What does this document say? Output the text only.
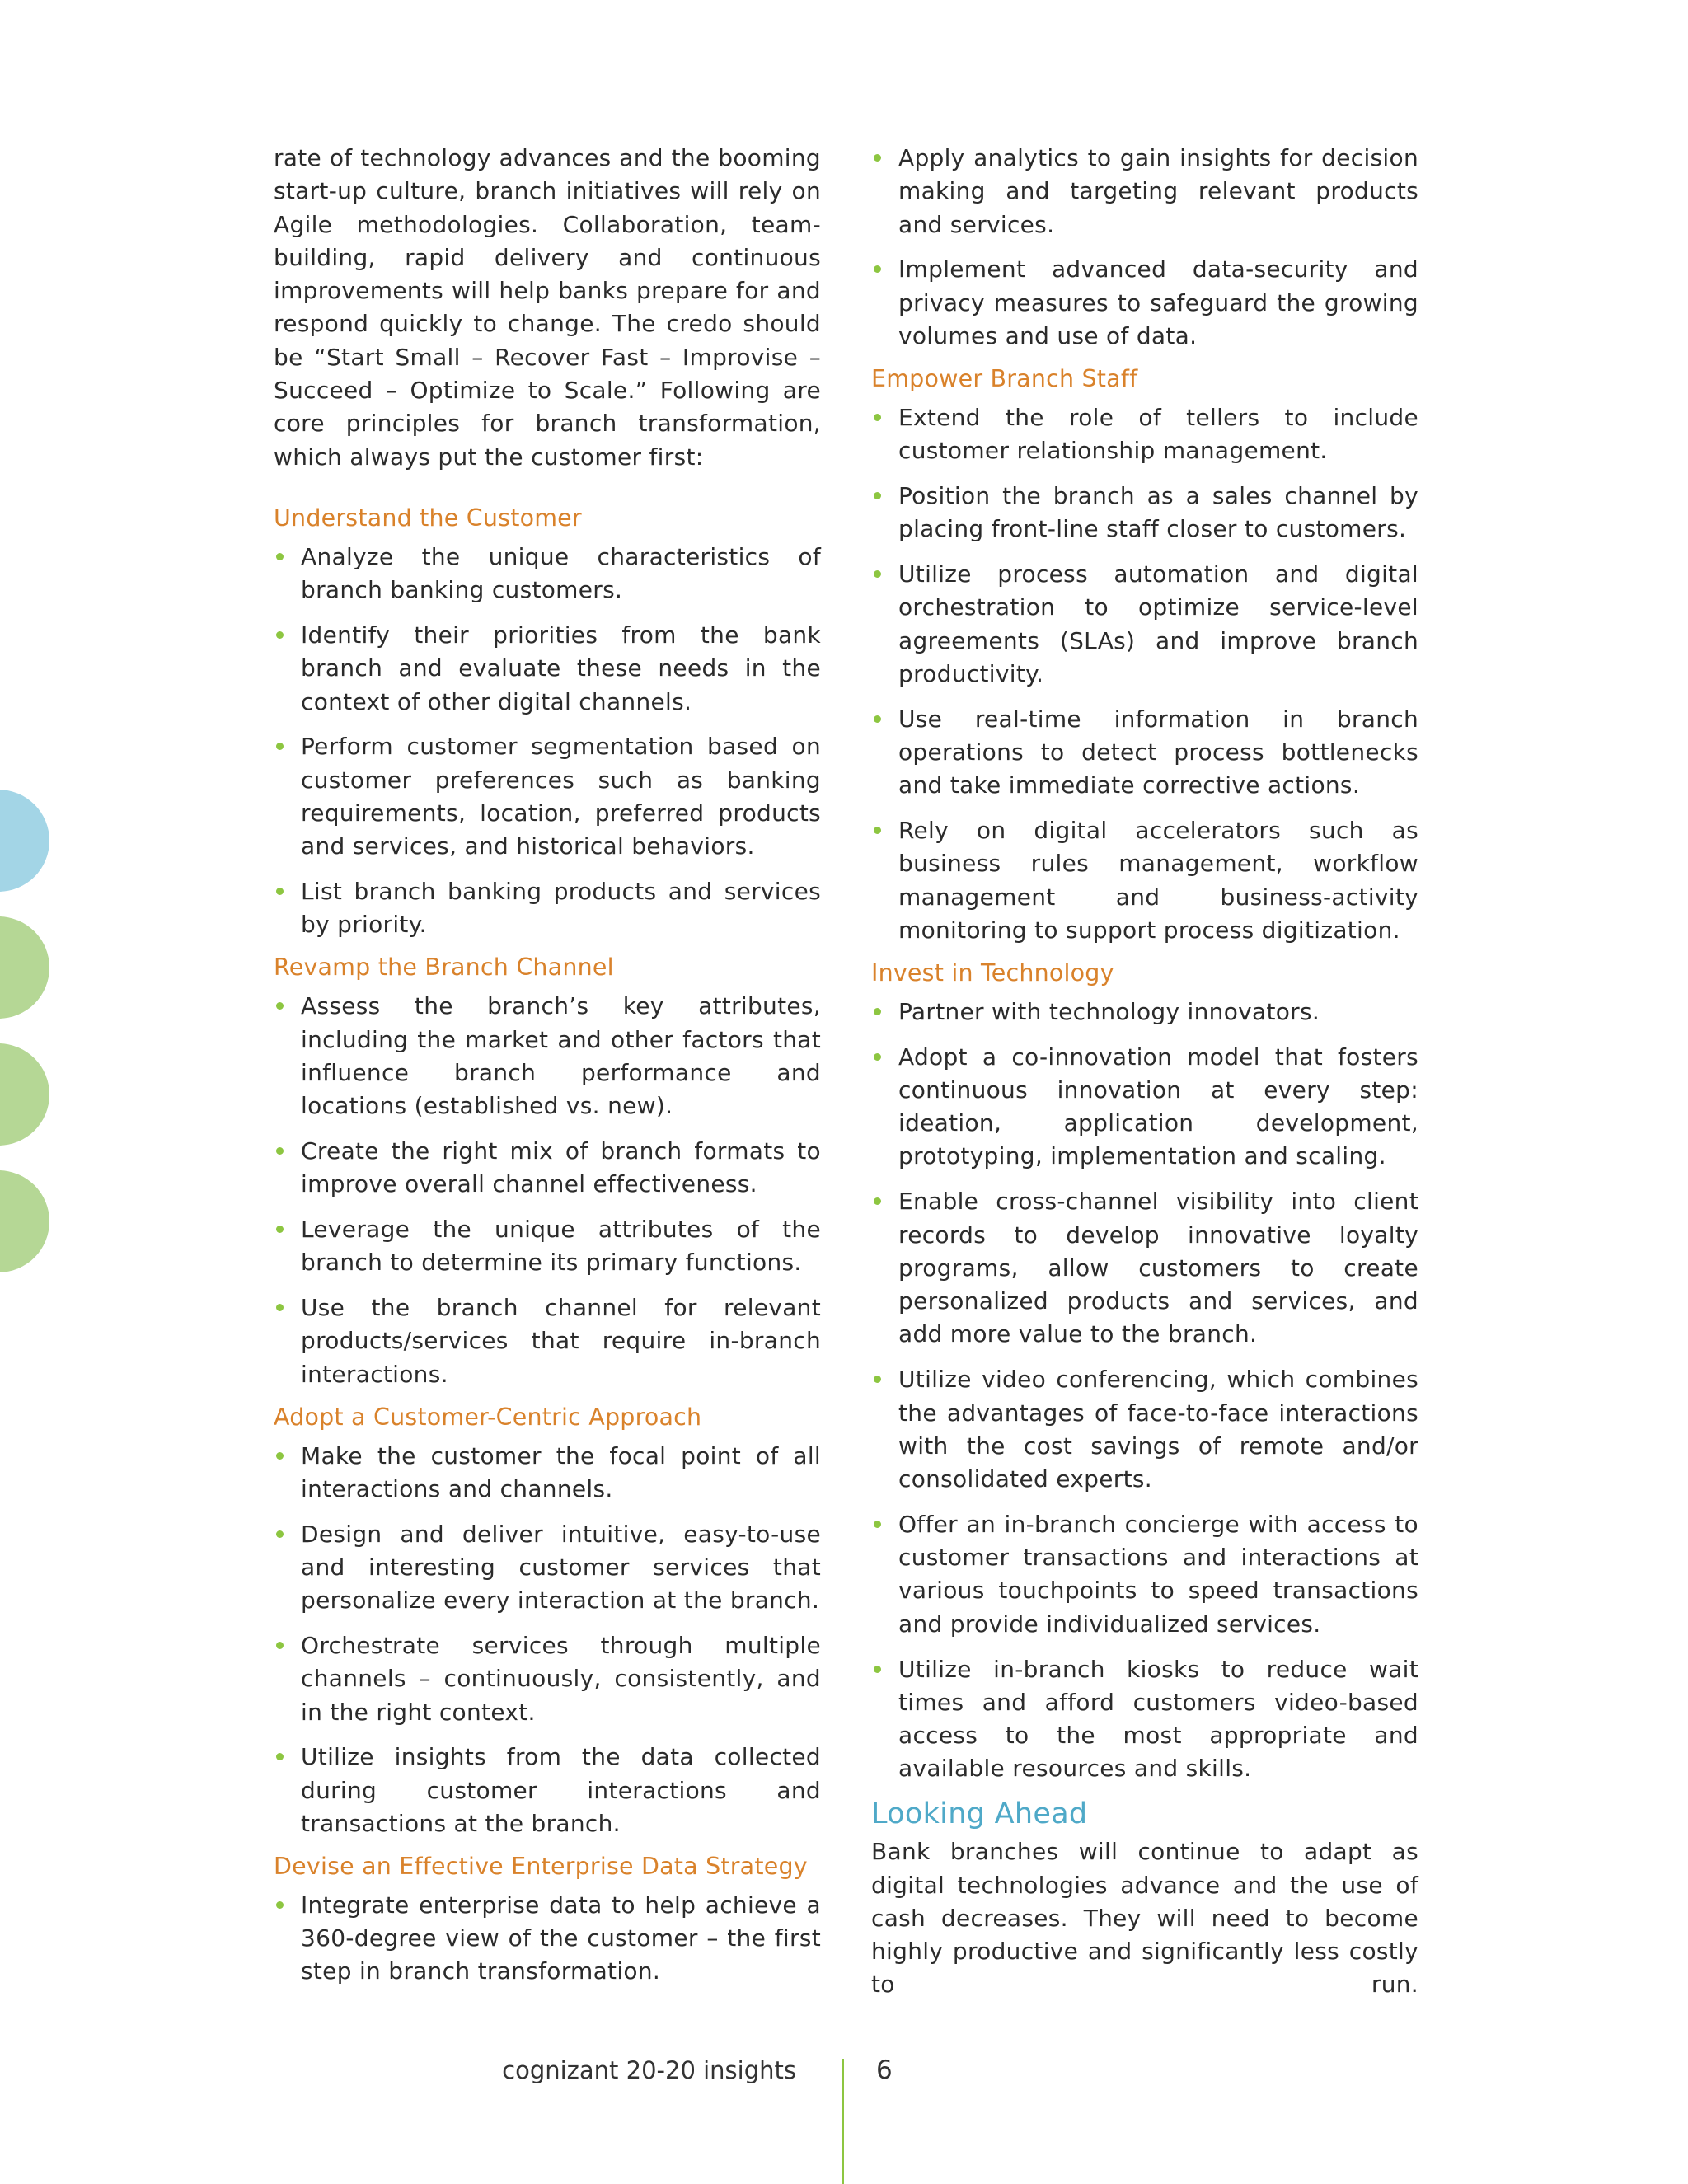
rate of technology advances and the booming start-up culture, branch initiatives will rely on Agile methodologies. Collaboration, team-building, rapid delivery and continuous improvements will help banks prepare for and respond quickly to change. The credo should be “Start Small – Recover Fast – Improvise – Succeed – Optimize to Scale.” Following are core principles for branch transformation, which always put the customer first:

Understand the Customer
Analyze the unique characteristics of branch banking customers.
Identify their priorities from the bank branch and evaluate these needs in the context of other digital channels.
Perform customer segmentation based on customer preferences such as banking requirements, location, preferred products and services, and historical behaviors.
List branch banking products and services by priority.
Revamp the Branch Channel
Assess the branch’s key attributes, including the market and other factors that influence branch performance and locations (established vs. new).
Create the right mix of branch formats to improve overall channel effectiveness.
Leverage the unique attributes of the branch to determine its primary functions.
Use the branch channel for relevant products/services that require in-branch interactions.
Adopt a Customer-Centric Approach
Make the customer the focal point of all interactions and channels.
Design and deliver intuitive, easy-to-use and interesting customer services that personalize every interaction at the branch.
Orchestrate services through multiple channels – continuously, consistently, and in the right context.
Utilize insights from the data collected during customer interactions and transactions at the branch.
Devise an Effective Enterprise Data Strategy
Integrate enterprise data to help achieve a 360-degree view of the customer – the first step in branch transformation.
Apply analytics to gain insights for decision making and targeting relevant products and services.
Implement advanced data-security and privacy measures to safeguard the growing volumes and use of data.
Empower Branch Staff
Extend the role of tellers to include customer relationship management.
Position the branch as a sales channel by placing front-line staff closer to customers.
Utilize process automation and digital orchestration to optimize service-level agreements (SLAs) and improve branch productivity.
Use real-time information in branch operations to detect process bottlenecks and take immediate corrective actions.
Rely on digital accelerators such as business rules management, workflow management and business-activity monitoring to support process digitization.
Invest in Technology
Partner with technology innovators.
Adopt a co-innovation model that fosters continuous innovation at every step: ideation, application development, prototyping, implementation and scaling.
Enable cross-channel visibility into client records to develop innovative loyalty programs, allow customers to create personalized products and services, and add more value to the branch.
Utilize video conferencing, which combines the advantages of face-to-face interactions with the cost savings of remote and/or consolidated experts.
Offer an in-branch concierge with access to customer transactions and interactions at various touchpoints to speed transactions and provide individualized services.
Utilize in-branch kiosks to reduce wait times and afford customers video-based access to the most appropriate and available resources and skills.
Looking Ahead

Bank branches will continue to adapt as digital technologies advance and the use of cash decreases. They will need to become highly productive and significantly less costly to run.

cognizant 20-20 insights	6
